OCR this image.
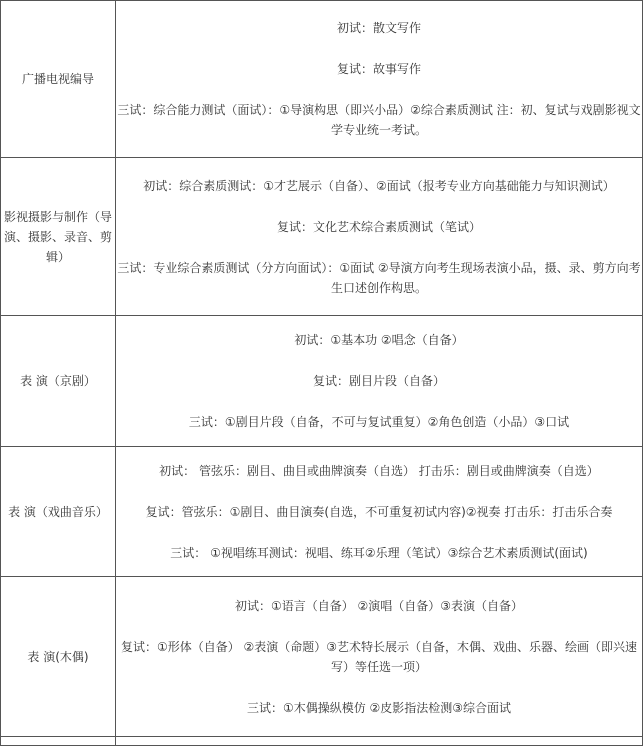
广播电视编导	初试：散文写作

复试：故事写作

三试：综合能力测试（面试）：①导演构思（即兴小品）②综合素质测试 注：初、复试与戏剧影视文学专业统一考试。

影视摄影与制作（导演、摄影、录音、剪辑）	初试：综合素质测试：①才艺展示（自备）、②面试（报考专业方向基础能力与知识测试）

复试：文化艺术综合素质测试（笔试）

三试：专业综合素质测试（分方向面试）：①面试 ②导演方向考生现场表演小品，摄、录、剪方向考生口述创作构思。

表 演（京剧）	初试：①基本功 ②唱念（自备）

复试：剧目片段（自备）

三试：①剧目片段（自备，不可与复试重复）②角色创造（小品）③口试

表 演（戏曲音乐）	初试： 管弦乐：剧目、曲目或曲牌演奏（自选） 打击乐：剧目或曲牌演奏（自选）

复试：管弦乐：①剧目、曲目演奏(自选，不可重复初试内容)②视奏 打击乐：打击乐合奏

三试： ①视唱练耳测试：视唱、练耳②乐理（笔试）③综合艺术素质测试(面试)

表 演(木偶)	初试：①语言（自备） ②演唱（自备）③表演（自备）

复试：①形体（自备） ②表演（命题）③艺术特长展示（自备，木偶、戏曲、乐器、绘画（即兴速写）等任选一项）

三试：①木偶操纵模仿 ②皮影指法检测③综合面试
